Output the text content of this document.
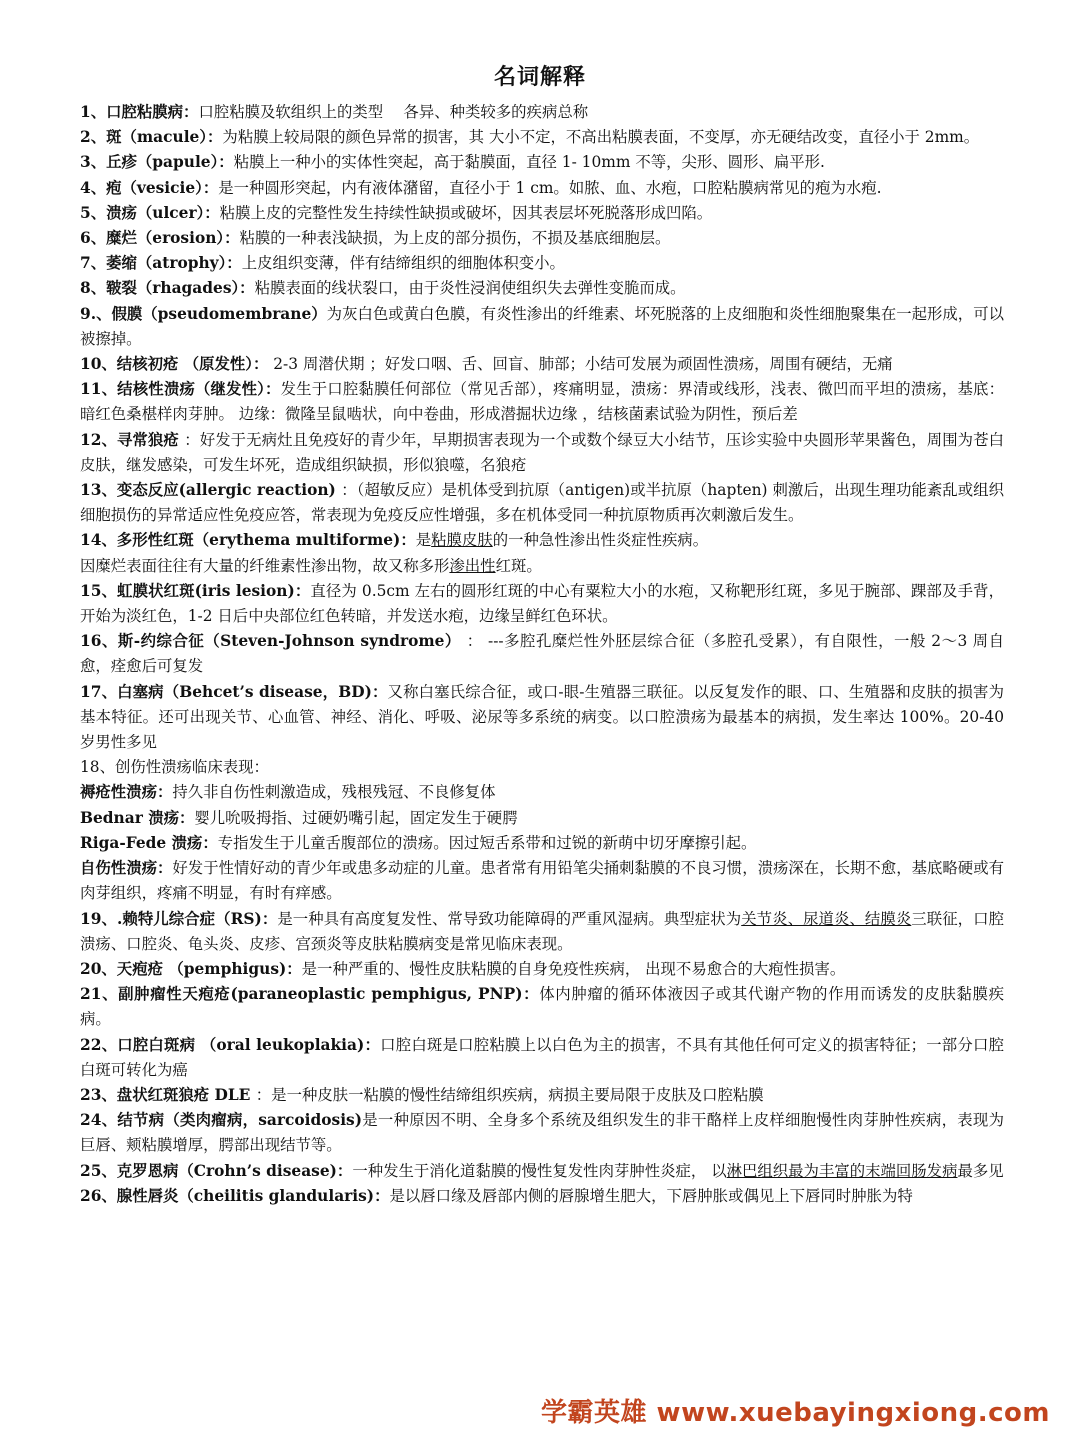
名词解释

1、口腔粘膜病：口腔粘膜及软组织上的类型　 各异、种类较多的疾病总称

2、斑（macule）：为粘膜上较局限的颜色异常的损害，其 大小不定，不高出粘膜表面，不变厚，亦无硬结改变，直径小于 2mm。

3、丘疹（papule）：粘膜上一种小的实体性突起，高于黏膜面，直径 1- 10mm 不等，尖形、圆形、扁平形.

4、疱（vesicie）：是一种圆形突起，内有液体潴留，直径小于 1 cm。如脓、血、水疱，口腔粘膜病常见的疱为水疱.

5、溃疡（ulcer）：粘膜上皮的完整性发生持续性缺损或破坏，因其表层坏死脱落形成凹陷。

6、糜烂（erosion）：粘膜的一种表浅缺损，为上皮的部分损伤，不损及基底细胞层。

7、萎缩（atrophy）：上皮组织变薄，伴有结缔组织的细胞体积变小。

8、皲裂（rhagades）：粘膜表面的线状裂口，由于炎性浸润使组织失去弹性变脆而成。

9.、假膜（pseudomembrane）为灰白色或黄白色膜，有炎性渗出的纤维素、坏死脱落的上皮细胞和炎性细胞聚集在一起形成，可以被擦掉。

10、结核初疮 （原发性）： 2-3 周潜伏期 ；好发口咽、舌、回盲、肺部；小结可发展为顽固性溃疡，周围有硬结，无痛

11、结核性溃疡（继发性）：发生于口腔黏膜任何部位（常见舌部），疼痛明显，溃疡：界清或线形，浅表、微凹而平坦的溃疡，基底：暗红色桑椹样肉芽肿。 边缘：微隆呈鼠啮状，向中卷曲，形成潜掘状边缘 ，结核菌素试验为阴性，预后差

12、寻常狼疮 ：好发于无病灶且免疫好的青少年，早期损害表现为一个或数个绿豆大小结节，压诊实验中央圆形苹果酱色，周围为苍白皮肤，继发感染，可发生坏死，造成组织缺损，形似狼噬，名狼疮

13、变态反应(allergic reaction) ：（超敏反应）是机体受到抗原（antigen)或半抗原（hapten) 刺激后，出现生理功能紊乱或组织细胞损伤的异常适应性免疫应答，常表现为免疫反应性增强，多在机体受同一种抗原物质再次刺激后发生。

14、多形性红斑（erythema multiforme)：是粘膜皮肤的一种急性渗出性炎症性疾病。

因糜烂表面往往有大量的纤维素性渗出物，故又称多形渗出性红斑。

15、虹膜状红斑(iris lesion)：直径为 0.5cm 左右的圆形红斑的中心有粟粒大小的水疱，又称靶形红斑，多见于腕部、踝部及手背，开始为淡红色，1-2 日后中央部位红色转暗，并发送水疱，边缘呈鲜红色环状。

16、斯-约综合征（Steven-Johnson syndrome） ： ---多腔孔糜烂性外胚层综合征（多腔孔受累），有自限性，一般 2～3 周自愈，痊愈后可复发

17、白塞病（Behcet’s disease，BD)：又称白塞氏综合征，或口-眼-生殖器三联征。以反复发作的眼、口、生殖器和皮肤的损害为基本特征。还可出现关节、心血管、神经、消化、呼吸、泌尿等多系统的病变。以口腔溃疡为最基本的病损，发生率达 100%。20-40 岁男性多见

18、创伤性溃疡临床表现：

褥疮性溃疡：持久非自伤性刺激造成，残根残冠、不良修复体

Bednar 溃疡：婴儿吮吸拇指、过硬奶嘴引起，固定发生于硬腭

Riga-Fede 溃疡：专指发生于儿童舌腹部位的溃疡。因过短舌系带和过锐的新萌中切牙摩擦引起。

自伤性溃疡：好发于性情好动的青少年或患多动症的儿童。患者常有用铅笔尖捅刺黏膜的不良习惯，溃疡深在，长期不愈，基底略硬或有肉芽组织，疼痛不明显，有时有痒感。

19、.赖特儿综合症（RS)：是一种具有高度复发性、常导致功能障碍的严重风湿病。典型症状为关节炎、尿道炎、结膜炎三联征，口腔溃疡、口腔炎、龟头炎、皮疹、宫颈炎等皮肤粘膜病变是常见临床表现。

20、天疱疮 （pemphigus)：是一种严重的、慢性皮肤粘膜的自身免疫性疾病， 出现不易愈合的大疱性损害。

21、副肿瘤性天疱疮(paraneoplastic pemphigus, PNP)：体内肿瘤的循环体液因子或其代谢产物的作用而诱发的皮肤黏膜疾病。

22、口腔白斑病 （oral leukoplakia)：口腔白斑是口腔粘膜上以白色为主的损害，不具有其他任何可定义的损害特征；一部分口腔白斑可转化为癌

23、盘状红斑狼疮 DLE ：是一种皮肤一粘膜的慢性结缔组织疾病，病损主要局限于皮肤及口腔粘膜

24、结节病（类肉瘤病，sarcoidosis)是一种原因不明、全身多个系统及组织发生的非干酪样上皮样细胞慢性肉芽肿性疾病，表现为巨唇、颊粘膜增厚，腭部出现结节等。

25、克罗恩病（Crohn’s disease)：一种发生于消化道黏膜的慢性复发性肉芽肿性炎症， 以淋巴组织最为丰富的末端回肠发病最多见

26、腺性唇炎（cheilitis glandularis)：是以唇口缘及唇部内侧的唇腺增生肥大，下唇肿胀或偶见上下唇同时肿胀为特

学霸英雄 www.xuebayingxiong.com
